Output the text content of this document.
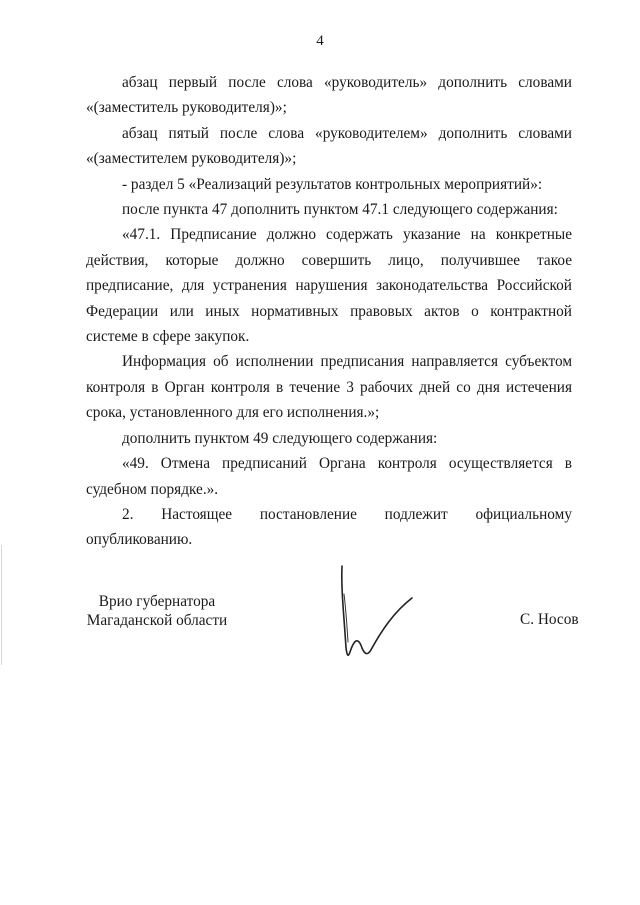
4

абзац первый после слова «руководитель» дополнить словами «(заместитель руководителя)»;

абзац пятый после слова «руководителем» дополнить словами «(заместителем руководителя)»;

- раздел 5 «Реализаций результатов контрольных мероприятий»:

после пункта 47 дополнить пунктом 47.1 следующего содержания:

«47.1. Предписание должно содержать указание на конкретные действия, которые должно совершить лицо, получившее такое предписание, для устранения нарушения законодательства Российской Федерации или иных нормативных правовых актов о контрактной системе в сфере закупок.

Информация об исполнении предписания направляется субъектом контроля в Орган контроля в течение 3 рабочих дней со дня истечения срока, установленного для его исполнения.»;

дополнить пунктом 49 следующего содержания:

«49. Отмена предписаний Органа контроля осуществляется в судебном порядке.».

2. Настоящее постановление подлежит официальному опубликованию.

Врио губернатора
Магаданской области	С. Носов
